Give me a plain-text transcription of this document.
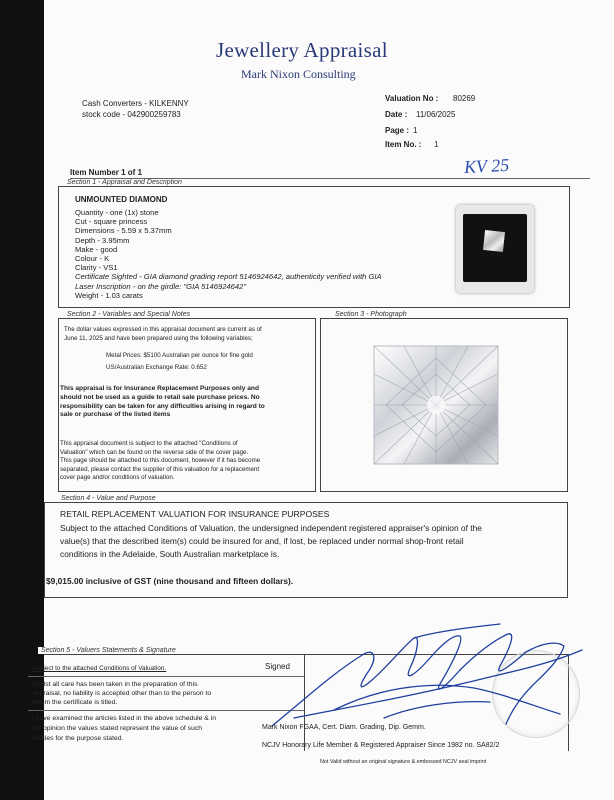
Jewellery Appraisal
Mark Nixon Consulting
Cash Converters - KILKENNY
stock code - 042900259783
Valuation No : 80269
Date : 11/06/2025
Page : 1
Item No. : 1
KV 25
Item Number 1 of 1
Section 1 - Appraisal and Description
UNMOUNTED DIAMOND
Quantity - one (1x) stone
Cut - square princess
Dimensions - 5.59 x 5.37mm
Depth - 3.95mm
Make - good
Colour - K
Clarity - VS1
Certificate Sighted - GIA diamond grading report 5146924642, authenticity verified with GIA
Laser Inscription - on the girdle: "GIA 5146924642"
Weight - 1.03 carats
Section 2 - Variables and Special Notes
The dollar values expressed in this appraisal document are current as of
June 11, 2025 and have been prepared using the following variables;
Metal Prices: $5100 Australian per ounce for fine gold
US/Australian Exchange Rate: 0.652
This appraisal is for Insurance Replacement Purposes only and
should not be used as a guide to retail sale purchase prices. No
responsibility can be taken for any difficulties arising in regard to
sale or purchase of the listed items
This appraisal document is subject to the attached "Conditions of
Valuation" which can be found on the reverse side of the cover page.
This page should be attached to this document, however if it has become
separated, please contact the supplier of this valuation for a replacement
cover page and/or conditions of valuation.
Section 3 - Photograph
Section 4 - Value and Purpose
RETAIL REPLACEMENT VALUATION FOR INSURANCE PURPOSES
Subject to the attached Conditions of Valuation, the undersigned independent registered appraiser's opinion of the
value(s) that the described item(s) could be insured for and, if lost, be replaced under normal shop-front retail
conditions in the Adelaide, South Australian marketplace is.
$9,015.00 inclusive of GST (nine thousand and fifteen dollars).
Section 5 - Valuers Statements & Signature
Subject to the attached Conditions of Valuation.
Whilst all care has been taken in the preparation of this
appraisal, no liability is accepted other than to the person to
whom the certificate is titled.
I have examined the articles listed in the above schedule & in
my opinion the values stated represent the value of such
articles for the purpose stated.
Signed
Mark Nixon FGAA, Cert. Diam. Grading, Dip. Gemm.
NCJV Honorary Life Member & Registered Appraiser Since 1982 no. SA82/2
Not Valid without an original signature & embossed NCJV seal imprint
